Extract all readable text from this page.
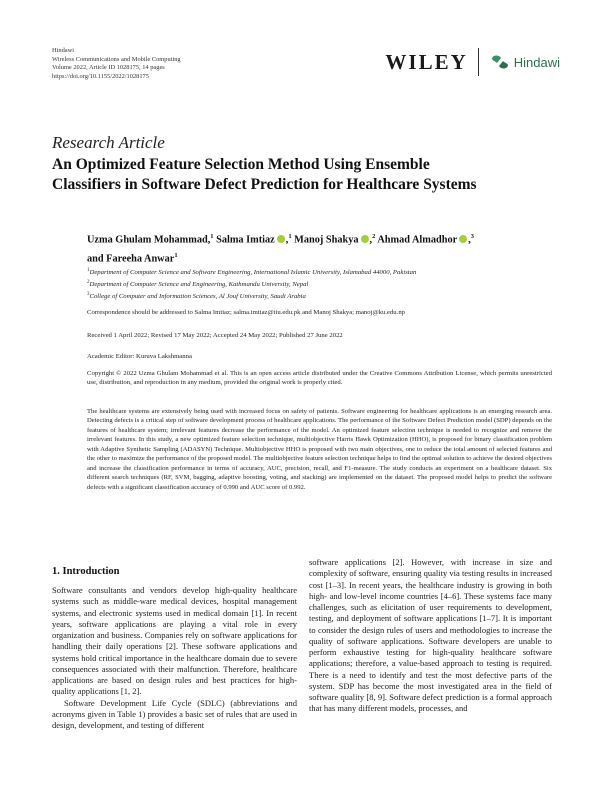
Hindawi
Wireless Communications and Mobile Computing
Volume 2022, Article ID 1028175, 14 pages
https://doi.org/10.1155/2022/1028175
WILEY	Hindawi
Research Article
An Optimized Feature Selection Method Using Ensemble
Classifiers in Software Defect Prediction for Healthcare Systems
Uzma Ghulam Mohammad,$^1$ Salma Imtiaz ,$^1$ Manoj Shakya ,$^2$ Ahmad Almadhor ,$^3$
and Fareeha Anwar$^1$
$^1$Department of Computer Science and Software Engineering, International Islamic University, Islamabad 44000, Pakistan
$^2$Department of Computer Science and Engineering, Kathmandu University, Nepal
$^3$College of Computer and Information Sciences, Al Jouf University, Saudi Arabia
Correspondence should be addressed to Salma Imtiaz; salma.imtiaz@iiu.edu.pk and Manoj Shakya; manoj@ku.edu.np
Received 1 April 2022; Revised 17 May 2022; Accepted 24 May 2022; Published 27 June 2022
Academic Editor: Kuruva Lakshmanna
Copyright © 2022 Uzma Ghulam Mohammad et al. This is an open access article distributed under the Creative Commons Attribution License, which permits unrestricted use, distribution, and reproduction in any medium, provided the original work is properly cited.
The healthcare systems are extensively being used with increased focus on safety of patients. Software engineering for healthcare applications is an emerging research area. Detecting defects is a critical step of software development process of healthcare applications. The performance of the Software Defect Prediction model (SDP) depends on the features of healthcare system; irrelevant features decrease the performance of the model. An optimized feature selection technique is needed to recognize and remove the irrelevant features. In this study, a new optimized feature selection technique, multiobjective Harris Hawk Optimization (HHO), is proposed for binary classification problem with Adaptive Synthetic Sampling (ADASYN) Technique. Multiobjective HHO is proposed with two main objectives, one to reduce the total amount of selected features and the other to maximize the performance of the proposed model. The multiobjective feature selection technique helps to find the optimal solution to achieve the desired objectives and increase the classification performance in terms of accuracy, AUC, precision, recall, and F1-measure. The study conducts an experiment on a healthcare dataset. Six different search techniques (RF, SVM, bagging, adaptive boosting, voting, and stacking) are implemented on the dataset. The proposed model helps to predict the software defects with a significant classification accuracy of 0.990 and AUC score of 0.992.
1. Introduction
Software consultants and vendors develop high-quality healthcare systems such as middle-ware medical devices, hospital management systems, and electronic systems used in medical domain [1]. In recent years, software applications are playing a vital role in every organization and business. Companies rely on software applications for handling their daily operations [2]. These software applications and systems hold critical importance in the healthcare domain due to severe consequences associated with their malfunction. Therefore, healthcare applications are based on design rules and best practices for high-quality applications [1, 2].
Software Development Life Cycle (SDLC) (abbreviations and acronyms given in Table 1) provides a basic set of rules that are used in design, development, and testing of different
software applications [2]. However, with increase in size and complexity of software, ensuring quality via testing results in increased cost [1–3]. In recent years, the healthcare industry is growing in both high- and low-level income countries [4–6]. These systems face many challenges, such as elicitation of user requirements to development, testing, and deployment of software applications [1–7]. It is important to consider the design rules of users and methodologies to increase the quality of software applications. Software developers are unable to perform exhaustive testing for high-quality healthcare software applications; therefore, a value-based approach to testing is required. There is a need to identify and test the most defective parts of the system. SDP has become the most investigated area in the field of software quality [8, 9]. Software defect prediction is a formal approach that has many different models, processes, and
